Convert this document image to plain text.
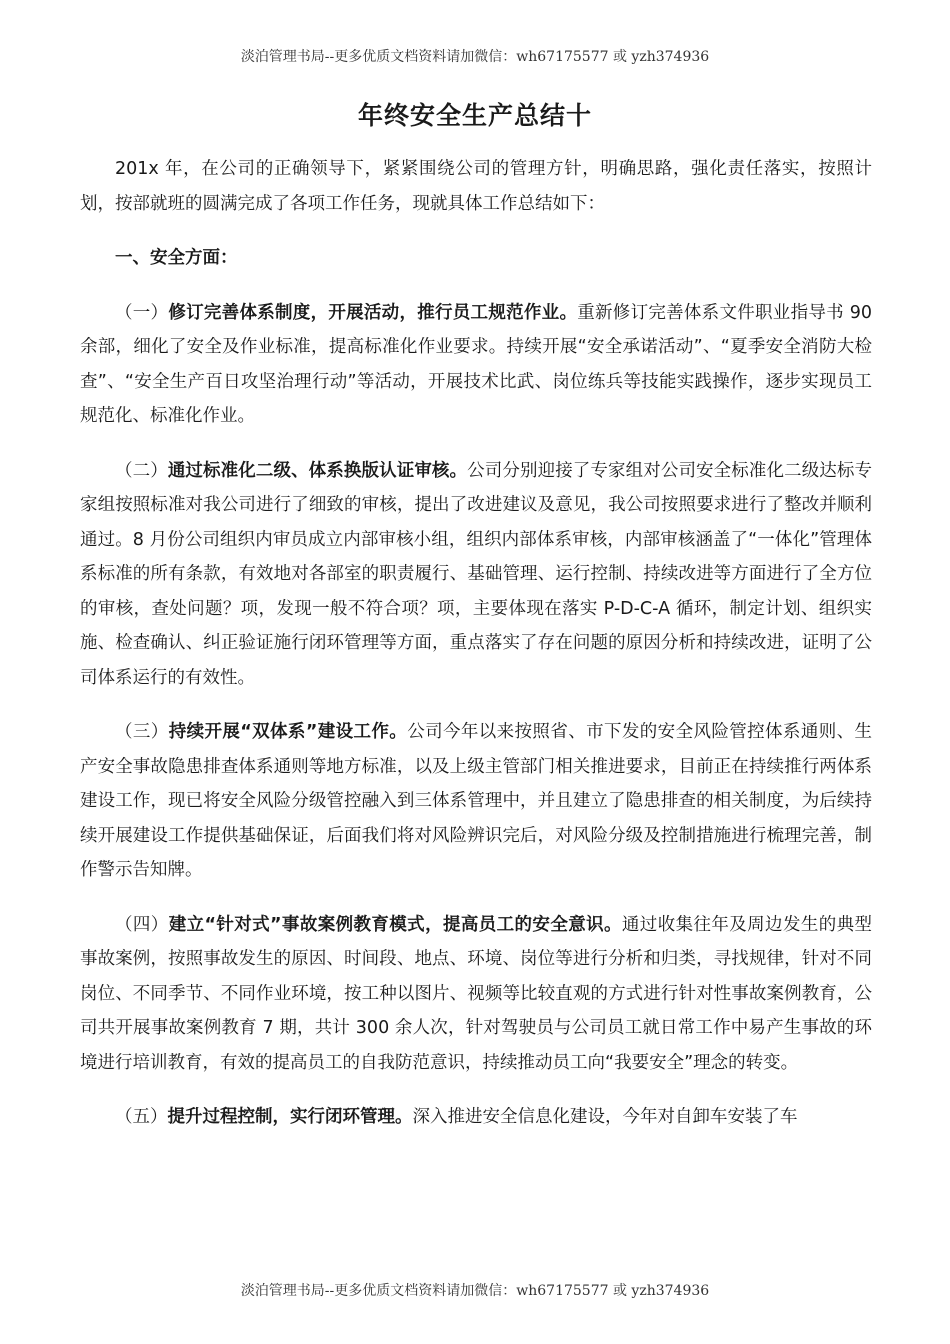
淡泊管理书局--更多优质文档资料请加微信：wh67175577 或 yzh374936
年终安全生产总结十

201x 年，在公司的正确领导下，紧紧围绕公司的管理方针，明确思路，强化责任落实，按照计划，按部就班的圆满完成了各项工作任务，现就具体工作总结如下：

一、安全方面：

（一）修订完善体系制度，开展活动，推行员工规范作业。重新修订完善体系文件职业指导书 90 余部，细化了安全及作业标准，提高标准化作业要求。持续开展“安全承诺活动”、“夏季安全消防大检查”、“安全生产百日攻坚治理行动”等活动，开展技术比武、岗位练兵等技能实践操作，逐步实现员工规范化、标准化作业。

（二）通过标准化二级、体系换版认证审核。公司分别迎接了专家组对公司安全标准化二级达标专家组按照标准对我公司进行了细致的审核，提出了改进建议及意见，我公司按照要求进行了整改并顺利通过。8 月份公司组织内审员成立内部审核小组，组织内部体系审核，内部审核涵盖了“一体化”管理体系标准的所有条款，有效地对各部室的职责履行、基础管理、运行控制、持续改进等方面进行了全方位的审核，查处问题？项，发现一般不符合项？项，主要体现在落实 P-D-C-A 循环，制定计划、组织实施、检查确认、纠正验证施行闭环管理等方面，重点落实了存在问题的原因分析和持续改进，证明了公司体系运行的有效性。

（三）持续开展“双体系”建设工作。公司今年以来按照省、市下发的安全风险管控体系通则、生产安全事故隐患排查体系通则等地方标准，以及上级主管部门相关推进要求，目前正在持续推行两体系建设工作，现已将安全风险分级管控融入到三体系管理中，并且建立了隐患排查的相关制度，为后续持续开展建设工作提供基础保证，后面我们将对风险辨识完后，对风险分级及控制措施进行梳理完善，制作警示告知牌。

（四）建立“针对式”事故案例教育模式，提高员工的安全意识。通过收集往年及周边发生的典型事故案例，按照事故发生的原因、时间段、地点、环境、岗位等进行分析和归类，寻找规律，针对不同岗位、不同季节、不同作业环境，按工种以图片、视频等比较直观的方式进行针对性事故案例教育，公司共开展事故案例教育 7 期，共计 300 余人次，针对驾驶员与公司员工就日常工作中易产生事故的环境进行培训教育，有效的提高员工的自我防范意识，持续推动员工向“我要安全”理念的转变。

（五）提升过程控制，实行闭环管理。深入推进安全信息化建设，今年对自卸车安装了车

淡泊管理书局--更多优质文档资料请加微信：wh67175577 或 yzh374936
